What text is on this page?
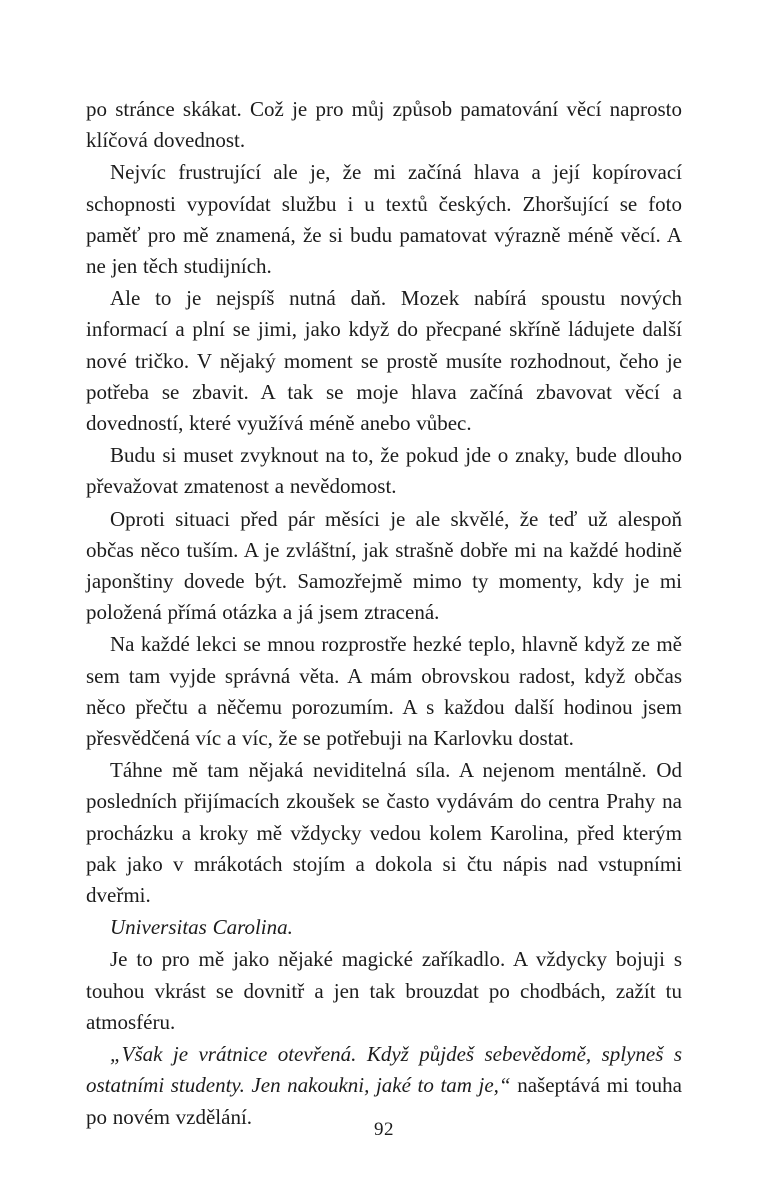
po stránce skákat. Což je pro můj způsob pamatování věcí naprosto klíčová dovednost.

Nejvíc frustrující ale je, že mi začíná hlava a její kopírovací schopnosti vypovídat službu i u textů českých. Zhoršující se foto paměť pro mě znamená, že si budu pamatovat výrazně méně věcí. A ne jen těch studijních.

Ale to je nejspíš nutná daň. Mozek nabírá spoustu nových informací a plní se jimi, jako když do přecpané skříně ládujete další nové tričko. V nějaký moment se prostě musíte rozhodnout, čeho je potřeba se zbavit. A tak se moje hlava začíná zbavovat věcí a dovedností, které využívá méně anebo vůbec.

Budu si muset zvyknout na to, že pokud jde o znaky, bude dlouho převažovat zmatenost a nevědomost.

Oproti situaci před pár měsíci je ale skvělé, že teď už alespoň občas něco tuším. A je zvláštní, jak strašně dobře mi na každé hodině japonštiny dovede být. Samozřejmě mimo ty momenty, kdy je mi položená přímá otázka a já jsem ztracená.

Na každé lekci se mnou rozprostře hezké teplo, hlavně když ze mě sem tam vyjde správná věta. A mám obrovskou radost, když občas něco přečtu a něčemu porozumím. A s každou další hodinou jsem přesvědčená víc a víc, že se potřebuji na Karlovku dostat.

Táhne mě tam nějaká neviditelná síla. A nejenom mentálně. Od posledních přijímacích zkoušek se často vydávám do centra Prahy na procházku a kroky mě vždycky vedou kolem Karolina, před kterým pak jako v mrákotách stojím a dokola si čtu nápis nad vstupními dveřmi.

Universitas Carolina.

Je to pro mě jako nějaké magické zaříkadlo. A vždycky bojuji s touhou vkrást se dovnitř a jen tak brouzdat po chodbách, zažít tu atmosféru.

„Však je vrátnice otevřená. Když půjdeš sebevědomě, splyneš s ostatními studenty. Jen nakoukni, jaké to tam je,“ našeptává mi touha po novém vzdělání.

92
